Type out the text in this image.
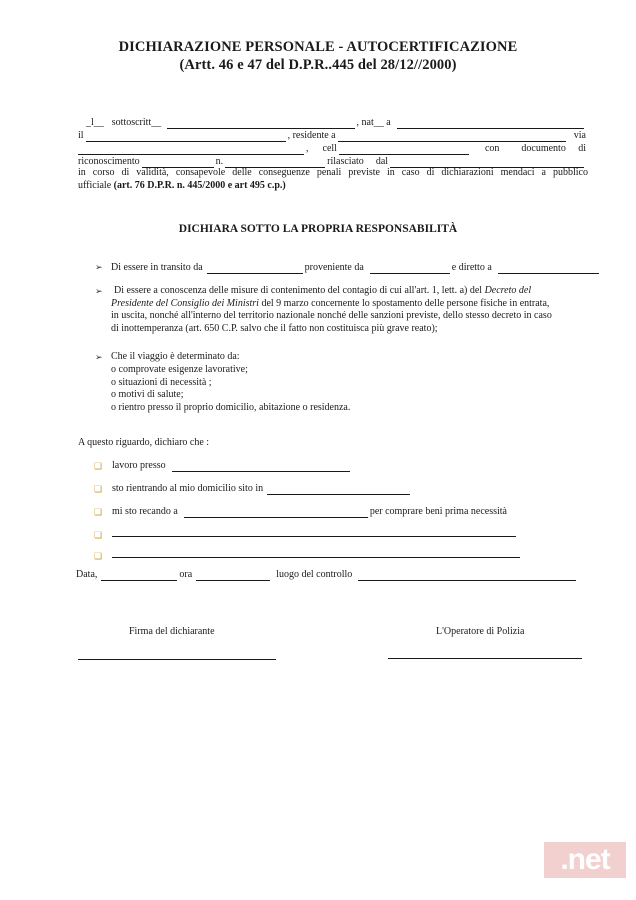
DICHIARAZIONE PERSONALE - AUTOCERTIFICAZIONE
(Artt. 46 e 47 del D.P.R..445 del 28/12//2000)
_l__ sottoscritt__	, nat__ a
il	, residente a	via
, cell	con documento di
riconoscimento	n.	rilasciato dal
in corso di validità, consapevole delle conseguenze penali previste in caso di dichiarazioni mendaci a pubblico
ufficiale (art. 76 D.P.R. n. 445/2000 e art 495 c.p.)
DICHIARA SOTTO LA PROPRIA RESPONSABILITÀ
➢ Di essere in transito da	proveniente da	e diretto a
➢	Di essere a conoscenza delle misure di contenimento del contagio di cui all'art. 1, lett. a) del Decreto del
Presidente del Consiglio dei Ministri del 9 marzo concernente lo spostamento delle persone fisiche in entrata,
in uscita, nonché all'interno del territorio nazionale nonché delle sanzioni previste, dello stesso decreto in caso
di inottemperanza (art. 650 C.P. salvo che il fatto non costituisca più grave reato);
➢ Che il viaggio è determinato da:
o comprovate esigenze lavorative;
o situazioni di necessità ;
o motivi di salute;
o rientro presso il proprio domicilio, abitazione o residenza.
A questo riguardo, dichiaro che :
❏ lavoro presso
❏ sto rientrando al mio domicilio sito in
❏ mi sto recando a	per comprare beni prima necessità
❏
❏
Data,	ora	luogo del controllo
Firma del dichiarante	L'Operatore di Polizia
.net
